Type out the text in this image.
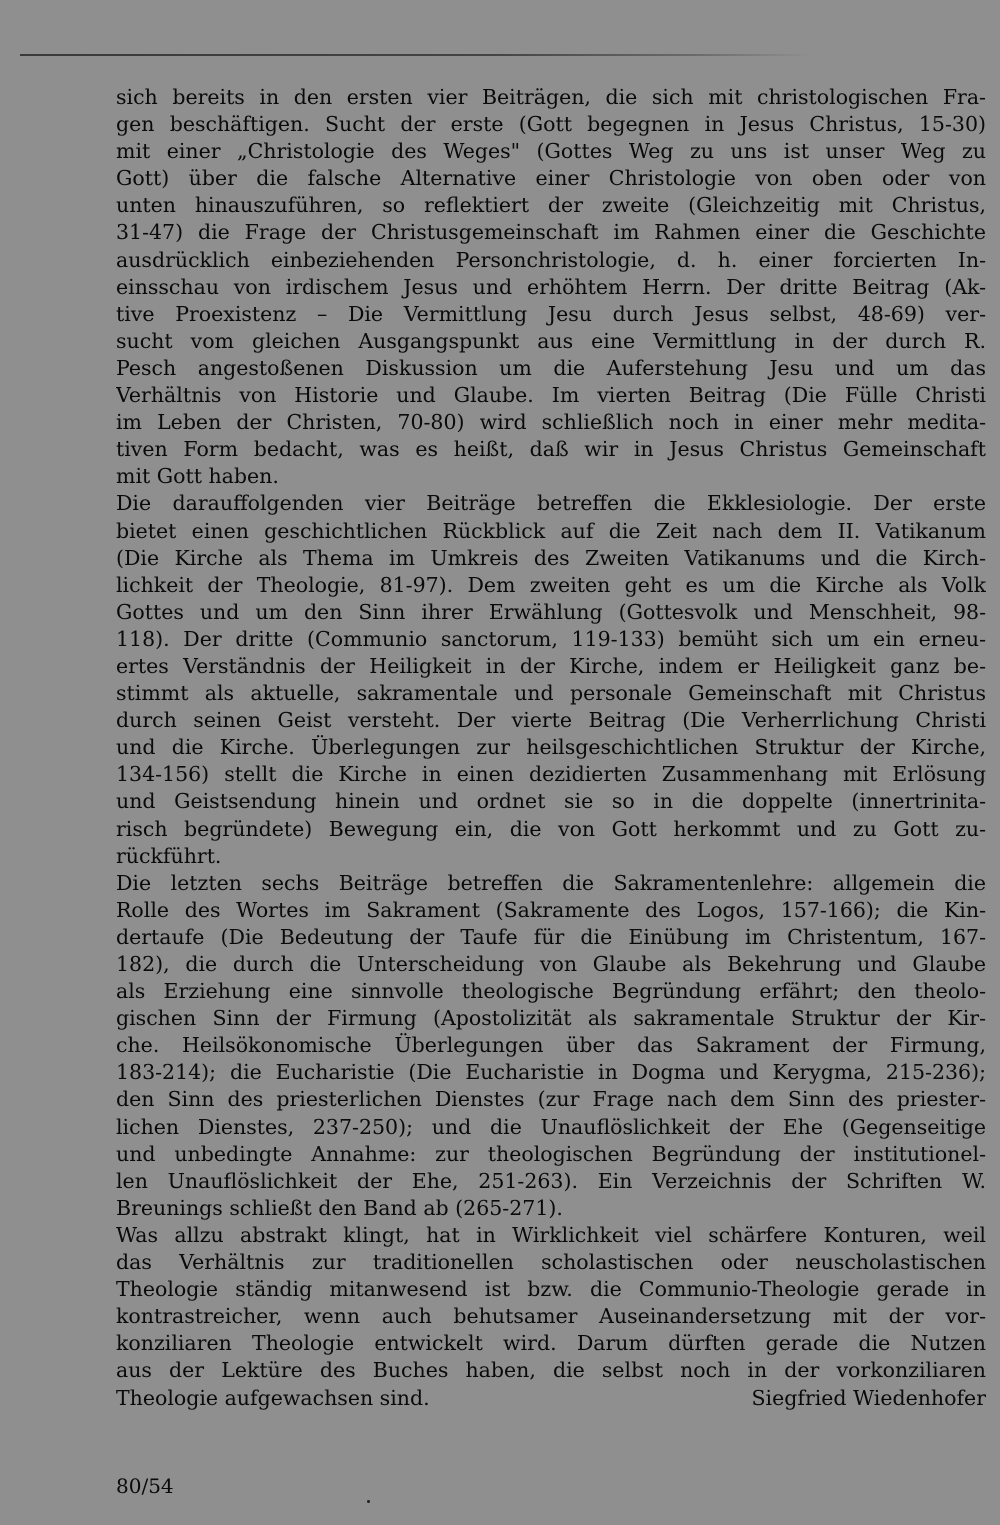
sich bereits in den ersten vier Beiträgen, die sich mit christologischen Fra-
gen beschäftigen. Sucht der erste (Gott begegnen in Jesus Christus, 15-30)
mit einer „Christologie des Weges" (Gottes Weg zu uns ist unser Weg zu
Gott) über die falsche Alternative einer Christologie von oben oder von
unten hinauszuführen, so reflektiert der zweite (Gleichzeitig mit Christus,
31-47) die Frage der Christusgemeinschaft im Rahmen einer die Geschichte
ausdrücklich einbeziehenden Personchristologie, d. h. einer forcierten In-
einsschau von irdischem Jesus und erhöhtem Herrn. Der dritte Beitrag (Ak-
tive Proexistenz – Die Vermittlung Jesu durch Jesus selbst, 48-69) ver-
sucht vom gleichen Ausgangspunkt aus eine Vermittlung in der durch R.
Pesch angestoßenen Diskussion um die Auferstehung Jesu und um das
Verhältnis von Historie und Glaube. Im vierten Beitrag (Die Fülle Christi
im Leben der Christen, 70-80) wird schließlich noch in einer mehr medita-
tiven Form bedacht, was es heißt, daß wir in Jesus Christus Gemeinschaft
mit Gott haben.
Die darauffolgenden vier Beiträge betreffen die Ekklesiologie. Der erste
bietet einen geschichtlichen Rückblick auf die Zeit nach dem II. Vatikanum
(Die Kirche als Thema im Umkreis des Zweiten Vatikanums und die Kirch-
lichkeit der Theologie, 81-97). Dem zweiten geht es um die Kirche als Volk
Gottes und um den Sinn ihrer Erwählung (Gottesvolk und Menschheit, 98-
118). Der dritte (Communio sanctorum, 119-133) bemüht sich um ein erneu-
ertes Verständnis der Heiligkeit in der Kirche, indem er Heiligkeit ganz be-
stimmt als aktuelle, sakramentale und personale Gemeinschaft mit Christus
durch seinen Geist versteht. Der vierte Beitrag (Die Verherrlichung Christi
und die Kirche. Überlegungen zur heilsgeschichtlichen Struktur der Kirche,
134-156) stellt die Kirche in einen dezidierten Zusammenhang mit Erlösung
und Geistsendung hinein und ordnet sie so in die doppelte (innertrinita-
risch begründete) Bewegung ein, die von Gott herkommt und zu Gott zu-
rückführt.
Die letzten sechs Beiträge betreffen die Sakramentenlehre: allgemein die
Rolle des Wortes im Sakrament (Sakramente des Logos, 157-166); die Kin-
dertaufe (Die Bedeutung der Taufe für die Einübung im Christentum, 167-
182), die durch die Unterscheidung von Glaube als Bekehrung und Glaube
als Erziehung eine sinnvolle theologische Begründung erfährt; den theolo-
gischen Sinn der Firmung (Apostolizität als sakramentale Struktur der Kir-
che. Heilsökonomische Überlegungen über das Sakrament der Firmung,
183-214); die Eucharistie (Die Eucharistie in Dogma und Kerygma, 215-236);
den Sinn des priesterlichen Dienstes (zur Frage nach dem Sinn des priester-
lichen Dienstes, 237-250); und die Unauflöslichkeit der Ehe (Gegenseitige
und unbedingte Annahme: zur theologischen Begründung der institutionel-
len Unauflöslichkeit der Ehe, 251-263). Ein Verzeichnis der Schriften W.
Breunings schließt den Band ab (265-271).
Was allzu abstrakt klingt, hat in Wirklichkeit viel schärfere Konturen, weil
das Verhältnis zur traditionellen scholastischen oder neuscholastischen
Theologie ständig mitanwesend ist bzw. die Communio-Theologie gerade in
kontrastreicher, wenn auch behutsamer Auseinandersetzung mit der vor-
konziliaren Theologie entwickelt wird. Darum dürften gerade die Nutzen
aus der Lektüre des Buches haben, die selbst noch in der vorkonziliaren
Theologie aufgewachsen sind.	Siegfried Wiedenhofer
80/54
